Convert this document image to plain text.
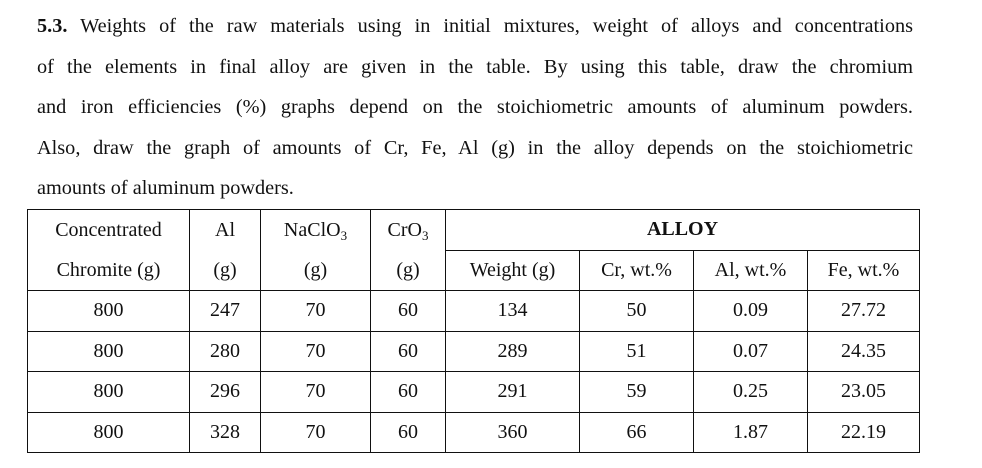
5.3. Weights of the raw materials using in initial mixtures, weight of alloys and concentrations
of the elements in final alloy are given in the table. By using this table, draw the chromium
and iron efficiencies (%) graphs depend on the stoichiometric amounts of aluminum powders.
Also, draw the graph of amounts of Cr, Fe, Al (g) in the alloy depends on the stoichiometric
amounts of aluminum powders.
Concentrated	Al	NaClO$_3$	CrO$_3$	ALLOY			
Chromite (g)	(g)	(g)	(g)	Weight (g)	Cr, wt.%	Al, wt.%	Fe, wt.%
800	247	70	60	134	50	0.09	27.72
800	280	70	60	289	51	0.07	24.35
800	296	70	60	291	59	0.25	23.05
800	328	70	60	360	66	1.87	22.19
